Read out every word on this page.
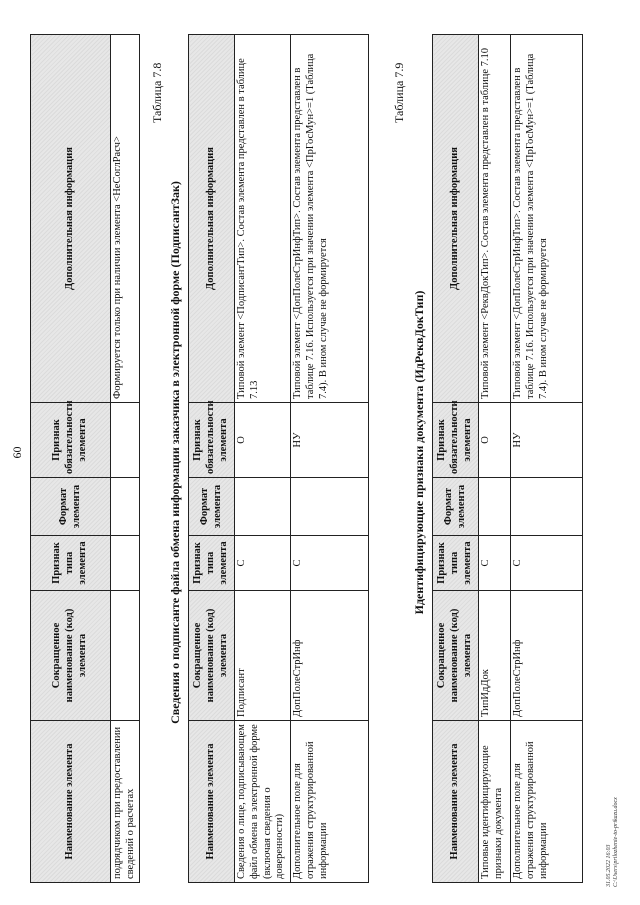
60
Наименование элемента	Сокращенное наименование (код) элемента	Признак типа элемента	Формат элемента	Признак обязательности элемента	Дополнительная информация
подрядчиком при предоставлении сведений о расчетах					Формируется только при наличии элемента <НеСоглРасч>
Таблица 7.8
Сведения о подписанте файла обмена информации заказчика в электронной форме (ПодписантЗак)
Наименование элемента	Сокращенное наименование (код) элемента	Признак типа элемента	Формат элемента	Признак обязательности элемента	Дополнительная информация
Сведения о лице, подписывающем файл обмена в электронной форме (включая сведения о доверенности)	Подписант	С		О	Типовой элемент <ПодписантТип>. Состав элемента представлен в таблице 7.13
Дополнительное поле для отражения структурированной информации	ДопПолеСтрИнф	С		НУ	Типовой элемент <ДопПолеСтрИнфТип>. Состав элемента представлен в таблице 7.16. Используется при значении элемента <ПрГосМун>=1 (Таблица 7.4). В ином случае не формируется
Таблица 7.9
Идентифицирующие признаки документа (ИдРеквДокТип)
Наименование элемента	Сокращенное наименование (код) элемента	Признак типа элемента	Формат элемента	Признак обязательности элемента	Дополнительная информация
Типовые идентифицирующие признаки документа	ТипИдДок	С		О	Типовой элемент <РеквДокТип>. Состав элемента представлен в таблице 7.10
Дополнительное поле для отражения структурированной информации	ДопПолеСтрИнф	С		НУ	Типовой элемент <ДопПолеСтрИнфТип>. Состав элемента представлен в таблице 7.16. Используется при значении элемента <ПрГосМун>=1 (Таблица 7.4). В ином случае не формируется
31.05.2022 16:03 C:\Users\prilozhenie-to-prikazu.docx
